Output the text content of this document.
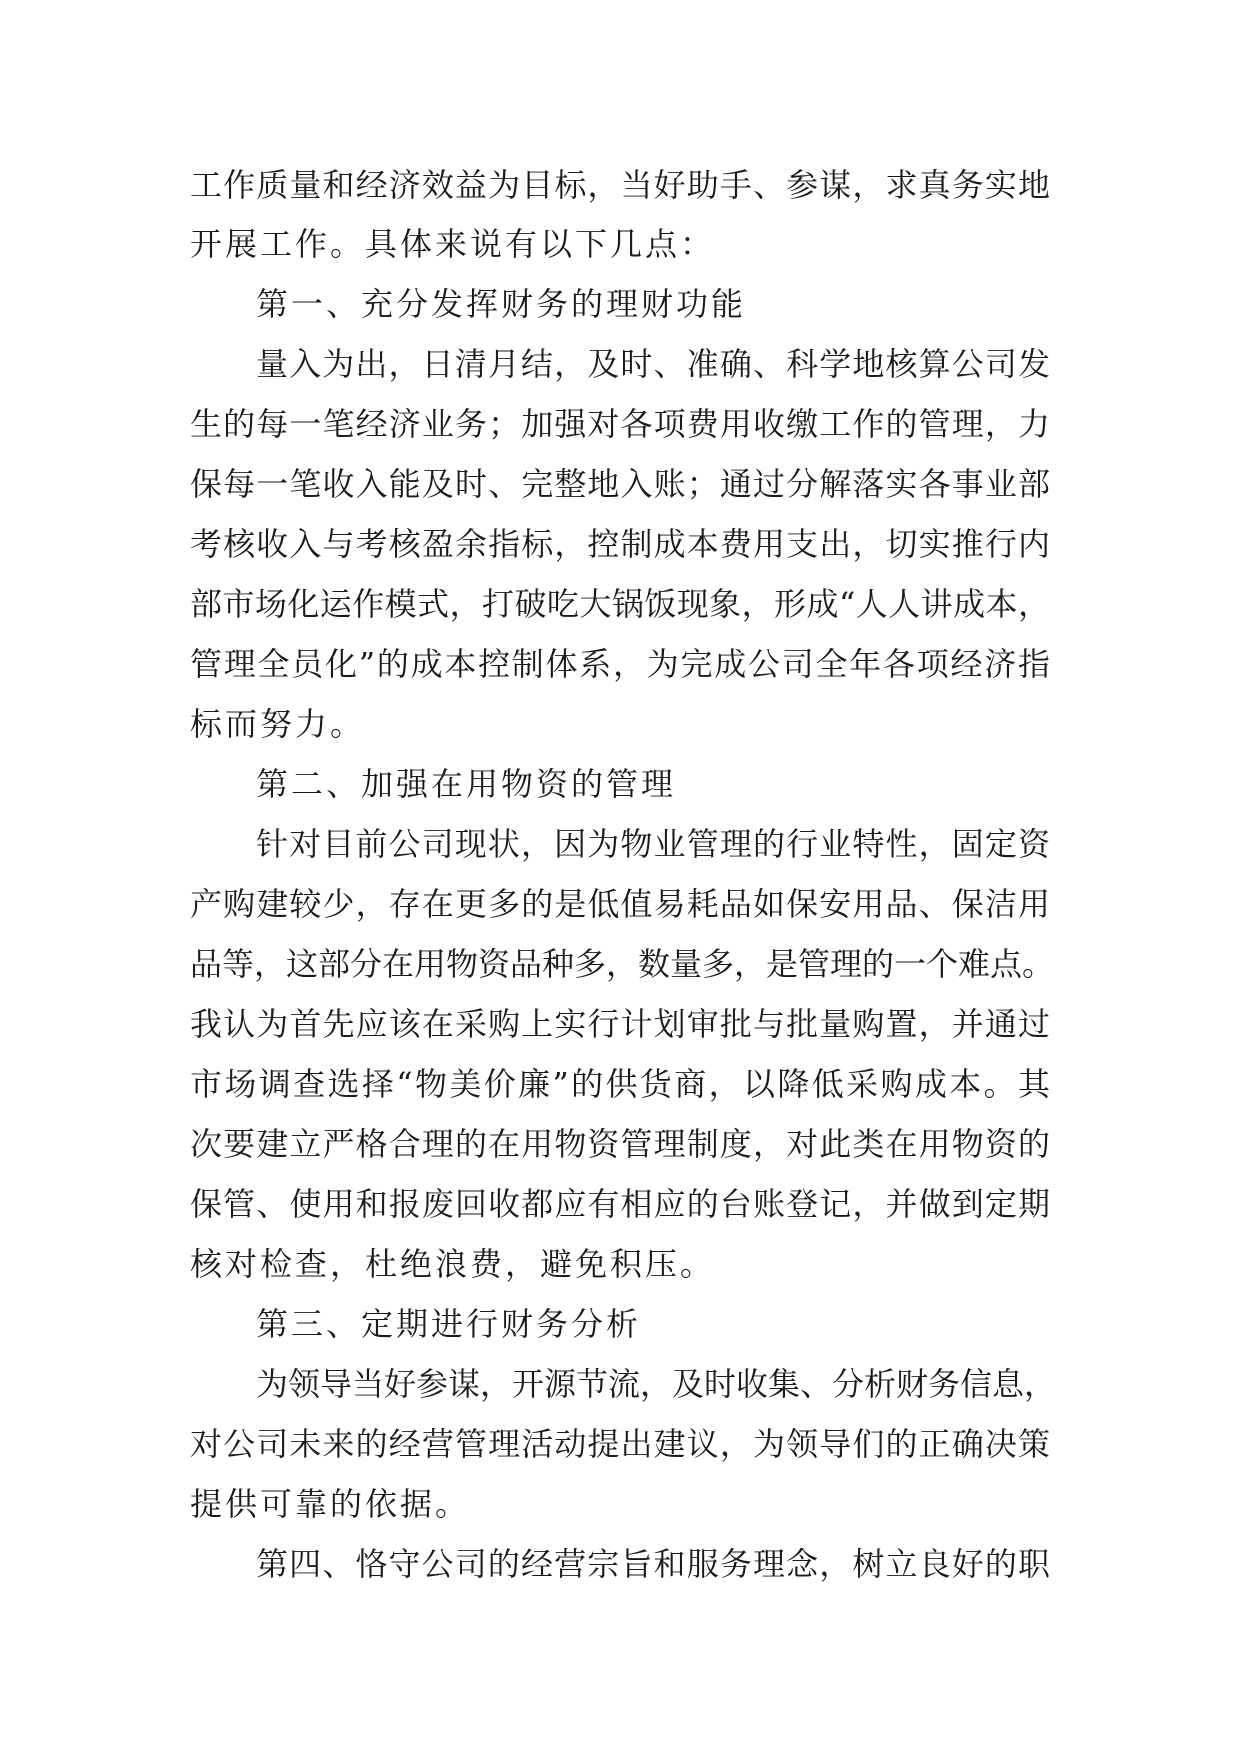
工作质量和经济效益为目标，当好助手、参谋，求真务实地
开展工作。具体来说有以下几点：
第一、充分发挥财务的理财功能
量入为出，日清月结，及时、准确、科学地核算公司发
生的每一笔经济业务；加强对各项费用收缴工作的管理，力
保每一笔收入能及时、完整地入账；通过分解落实各事业部
考核收入与考核盈余指标，控制成本费用支出，切实推行内
部市场化运作模式，打破吃大锅饭现象，形成“人人讲成本，
管理全员化”的成本控制体系，为完成公司全年各项经济指
标而努力。
第二、加强在用物资的管理
针对目前公司现状，因为物业管理的行业特性，固定资
产购建较少，存在更多的是低值易耗品如保安用品、保洁用
品等，这部分在用物资品种多，数量多，是管理的一个难点。
我认为首先应该在采购上实行计划审批与批量购置，并通过
市场调查选择“物美价廉”的供货商，以降低采购成本。其
次要建立严格合理的在用物资管理制度，对此类在用物资的
保管、使用和报废回收都应有相应的台账登记，并做到定期
核对检查，杜绝浪费，避免积压。
第三、定期进行财务分析
为领导当好参谋，开源节流，及时收集、分析财务信息，
对公司未来的经营管理活动提出建议，为领导们的正确决策
提供可靠的依据。
第四、恪守公司的经营宗旨和服务理念，树立良好的职
